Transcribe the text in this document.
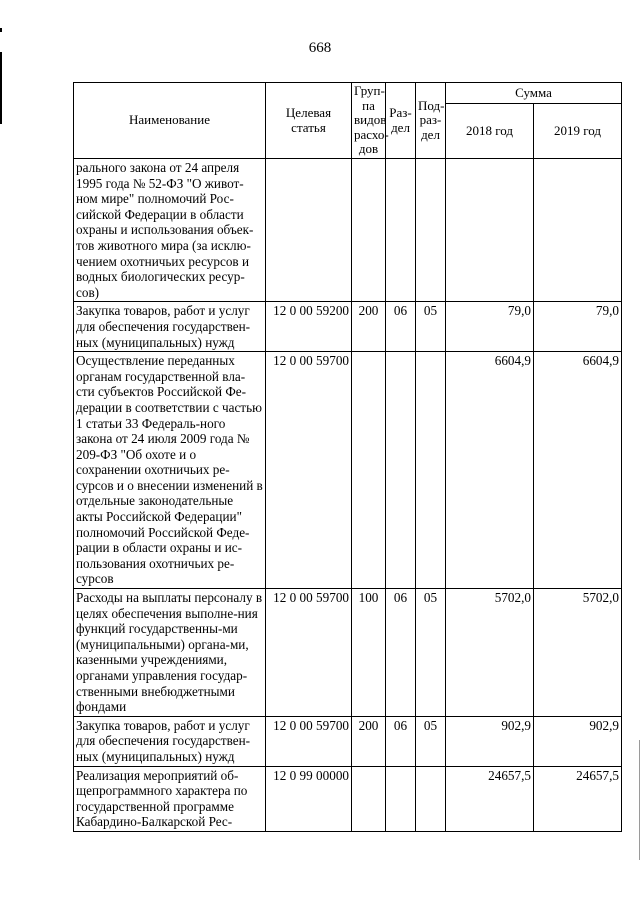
668
Наименование	Целевая статья	Груп-па видов расхо-дов	Раз-дел	Под-раз-дел	Сумма	
					2018 год	2019 год
рального закона от 24 апреля 1995 года № 52-ФЗ "О живот-ном мире" полномочий Рос-сийской Федерации в области охраны и использования объек-тов животного мира (за исклю-чением охотничьих ресурсов и водных биологических ресур-сов)						
Закупка товаров, работ и услуг для обеспечения государствен-ных (муниципальных) нужд	12 0 00 59200	200	06	05	79,0	79,0
Осуществление переданных органам государственной вла-сти субъектов Российской Фе-дерации в соответствии с частью 1 статьи 33 Федераль-ного закона от 24 июля 2009 года № 209-ФЗ "Об охоте и о сохранении охотничьих ре-сурсов и о внесении изменений в отдельные законодательные акты Российской Федерации" полномочий Российской Феде-рации в области охраны и ис-пользования охотничьих ре-сурсов	12 0 00 59700				6604,9	6604,9
Расходы на выплаты персоналу в целях обеспечения выполне-ния функций государственны-ми (муниципальными) органа-ми, казенными учреждениями, органами управления государ-ственными внебюджетными фондами	12 0 00 59700	100	06	05	5702,0	5702,0
Закупка товаров, работ и услуг для обеспечения государствен-ных (муниципальных) нужд	12 0 00 59700	200	06	05	902,9	902,9
Реализация мероприятий об-щепрограммного характера по государственной программе Кабардино-Балкарской Рес-	12 0 99 00000				24657,5	24657,5
